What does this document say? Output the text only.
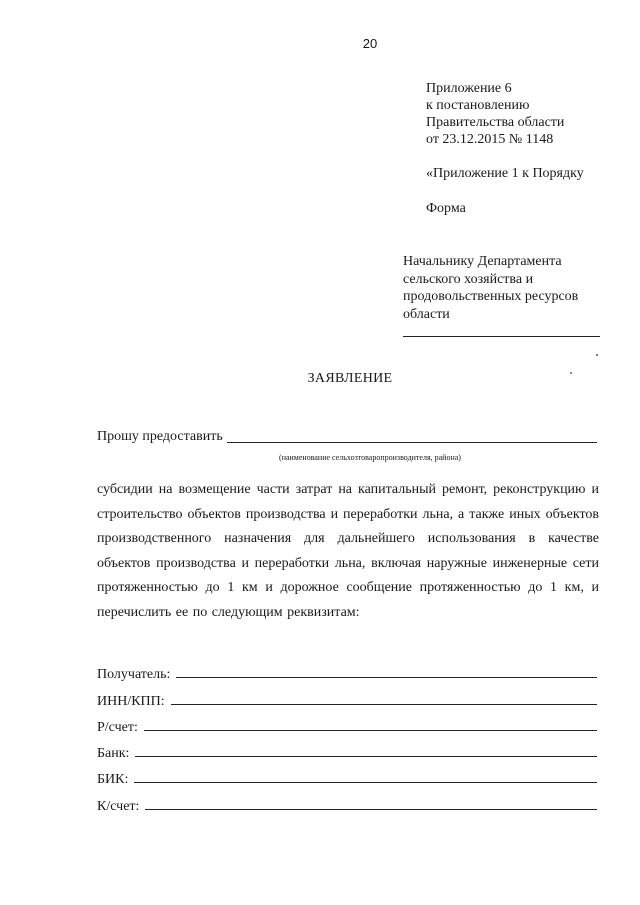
20
Приложение 6
к постановлению
Правительства области
от 23.12.2015 № 1148
«Приложение 1 к Порядку
Форма
Начальнику Департамента
сельского хозяйства и
продовольственных ресурсов
области
ЗАЯВЛЕНИЕ
Прошу предоставить
(наименование сельхозтоваропроизводителя, района)

субсидии на возмещение части затрат на капитальный ремонт, реконструкцию и строительство объектов производства и переработки льна, а также иных объектов производственного назначения для дальнейшего использования в качестве объектов производства и переработки льна, включая наружные инженерные сети протяженностью до 1 км и дорожное сообщение протяженностью до 1 км, и перечислить ее по следующим реквизитам:

Получатель:
ИНН/КПП:
Р/счет:
Банк:
БИК:
К/счет:
